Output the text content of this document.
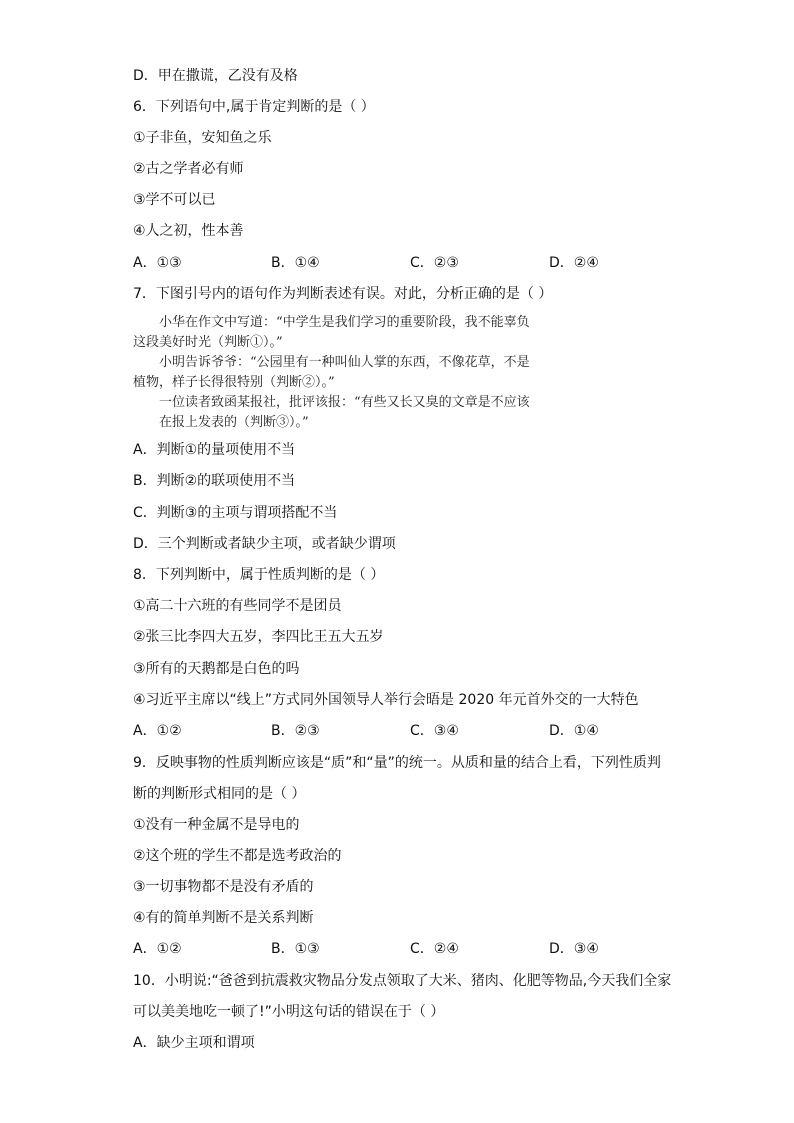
D．甲在撒谎，乙没有及格
6．下列语句中,属于肯定判断的是（ ）
①子非鱼，安知鱼之乐
②古之学者必有师
③学不可以已
④人之初，性本善
A．①③	B．①④	C．②③	D．②④
7．下图引号内的语句作为判断表述有误。对此，分析正确的是（ ）

小华在作文中写道：“中学生是我们学习的重要阶段，我不能辜负

这段美好时光（判断①）。”

小明告诉爷爷：“公园里有一种叫仙人掌的东西，不像花草，不是

植物，样子长得很特别（判断②）。”

一位读者致函某报社，批评该报：“有些又长又臭的文章是不应该

在报上发表的（判断③）。”

A．判断①的量项使用不当
B．判断②的联项使用不当
C．判断③的主项与谓项搭配不当
D．三个判断或者缺少主项，或者缺少谓项
8．下列判断中，属于性质判断的是（ ）
①高二十六班的有些同学不是团员
②张三比李四大五岁，李四比王五大五岁
③所有的天鹅都是白色的吗
④习近平主席以“线上”方式同外国领导人举行会晤是 2020 年元首外交的一大特色
A．①②	B．②③	C．③④	D．①④
9．反映事物的性质判断应该是“质”和“量”的统一。从质和量的结合上看，下列性质判
断的判断形式相同的是（ ）
①没有一种金属不是导电的
②这个班的学生不都是选考政治的
③一切事物都不是没有矛盾的
④有的简单判断不是关系判断
A．①②	B．①③	C．②④	D．③④
10．小明说:“爸爸到抗震救灾物品分发点领取了大米、猪肉、化肥等物品,今天我们全家
可以美美地吃一顿了!”小明这句话的错误在于（ ）
A．缺少主项和谓项
